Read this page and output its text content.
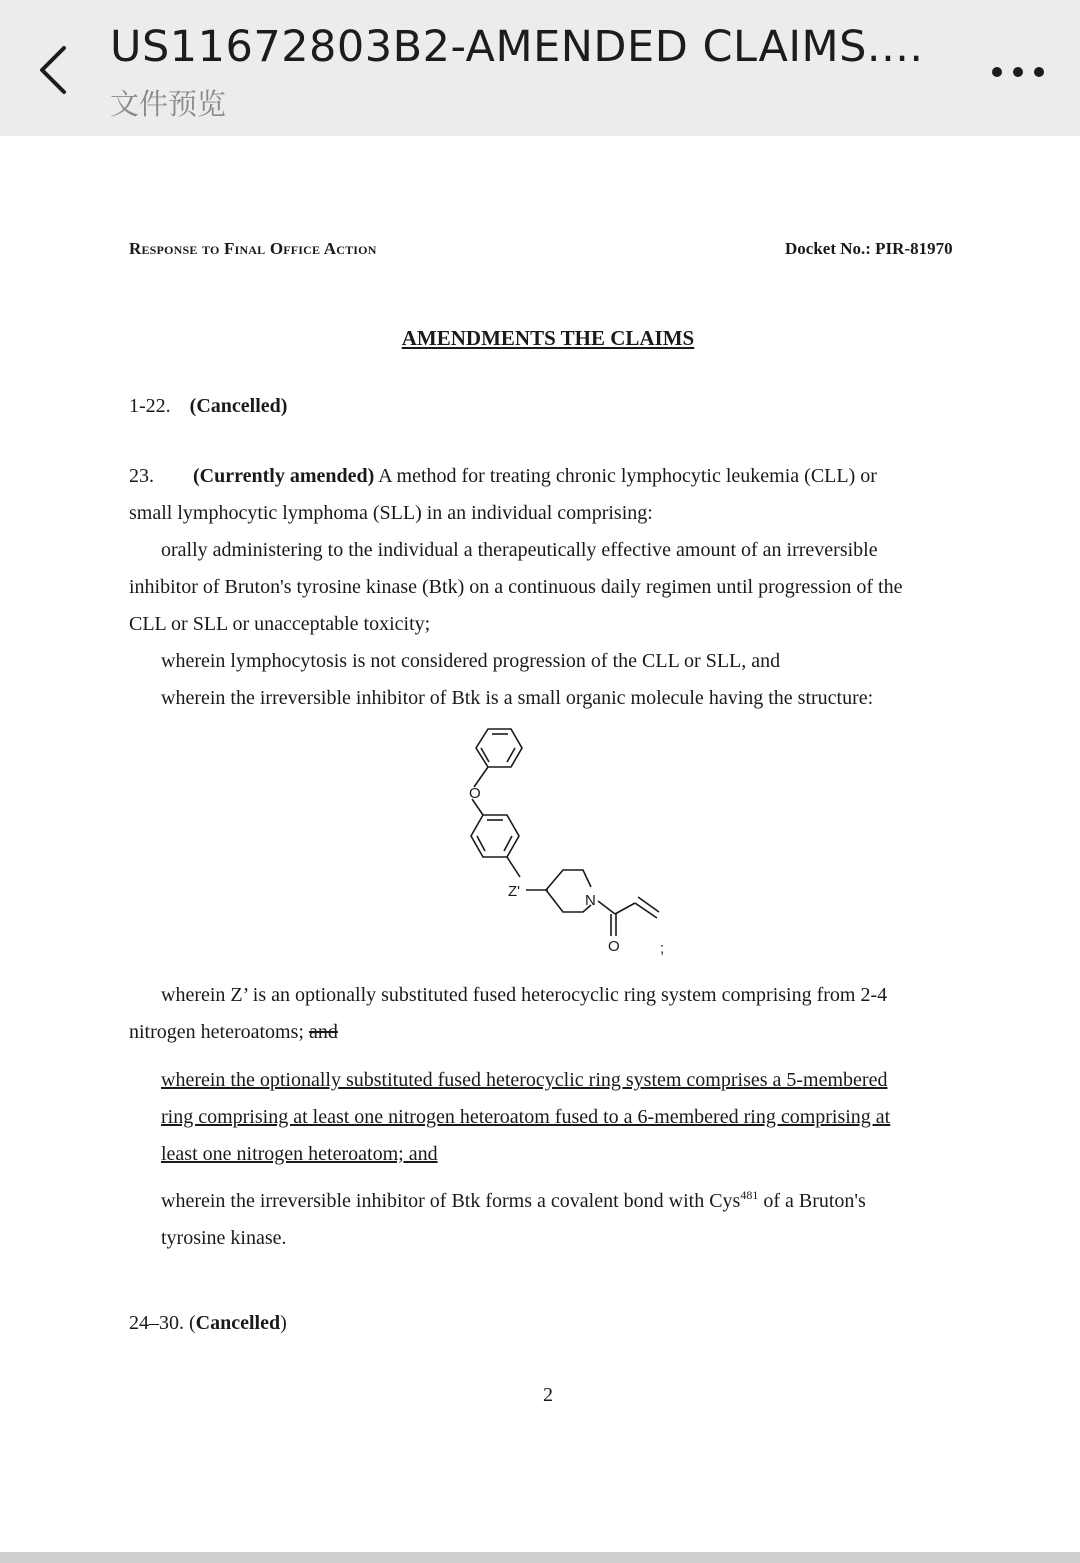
US11672803B2-AMENDED CLAIMS....
文件预览
Response to Final Office Action	Docket No.: PIR-81970
AMENDMENTS THE CLAIMS
1-22. (Cancelled)
23. (Currently amended) A method for treating chronic lymphocytic leukemia (CLL) or
small lymphocytic lymphoma (SLL) in an individual comprising:
orally administering to the individual a therapeutically effective amount of an irreversible
inhibitor of Bruton's tyrosine kinase (Btk) on a continuous daily regimen until progression of the
CLL or SLL or unacceptable toxicity;
wherein lymphocytosis is not considered progression of the CLL or SLL, and
wherein the irreversible inhibitor of Btk is a small organic molecule having the structure:
O
Z'
N
O	;
wherein Z’ is an optionally substituted fused heterocyclic ring system comprising from 2-4
nitrogen heteroatoms; and
wherein the optionally substituted fused heterocyclic ring system comprises a 5-membered
ring comprising at least one nitrogen heteroatom fused to a 6-membered ring comprising at
least one nitrogen heteroatom; and
wherein the irreversible inhibitor of Btk forms a covalent bond with Cys$^{481}$ of a Bruton's
tyrosine kinase.
24–30. (Cancelled)
2
